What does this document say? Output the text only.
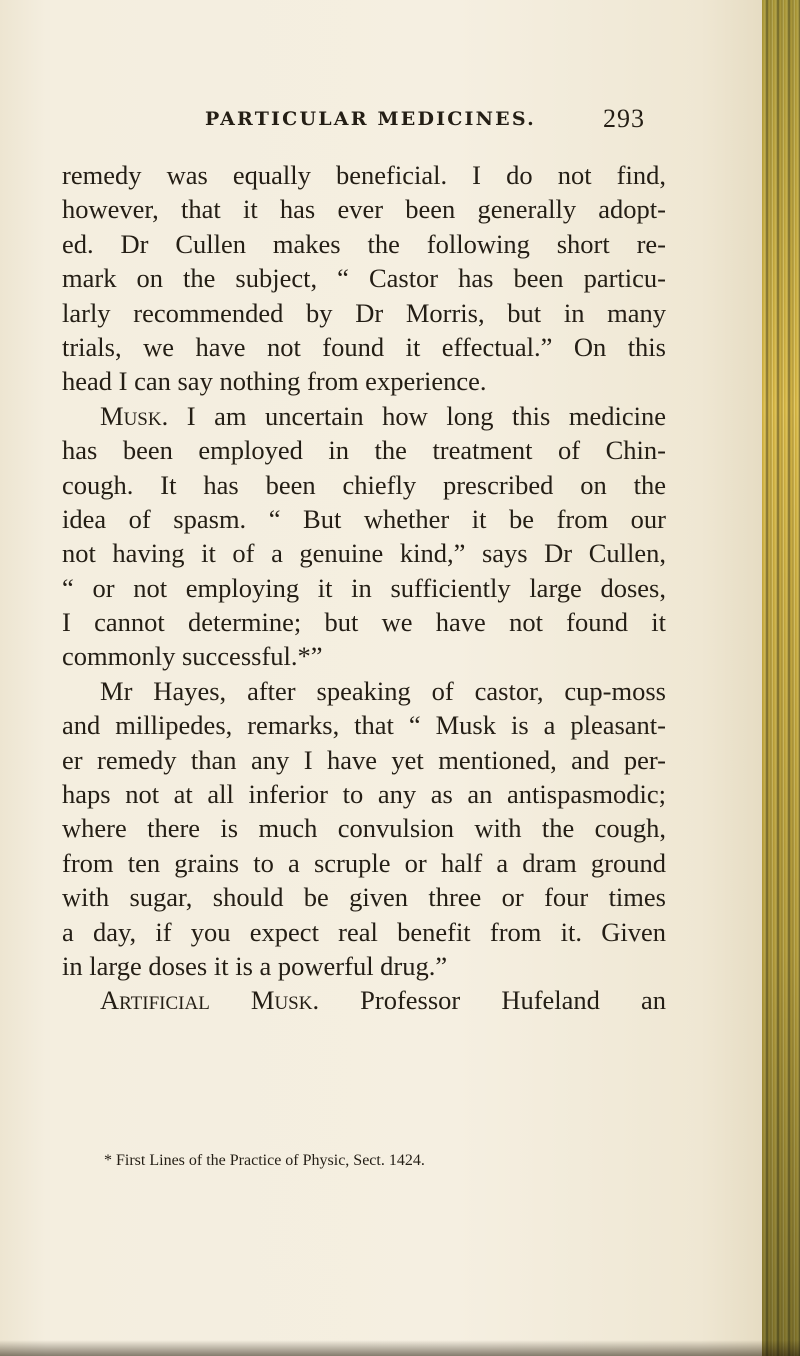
PARTICULAR MEDICINES.	293
remedy was equally beneficial. I do not find,
however, that it has ever been generally adopt-
ed. Dr Cullen makes the following short re-
mark on the subject, “ Castor has been particu-
larly recommended by Dr Morris, but in many
trials, we have not found it effectual.” On this
head I can say nothing from experience.
Musk. I am uncertain how long this medicine
has been employed in the treatment of Chin-
cough. It has been chiefly prescribed on the
idea of spasm. “ But whether it be from our
not having it of a genuine kind,” says Dr Cullen,
“ or not employing it in sufficiently large doses,
I cannot determine; but we have not found it
commonly successful.*”
Mr Hayes, after speaking of castor, cup-moss
and millipedes, remarks, that “ Musk is a pleasant-
er remedy than any I have yet mentioned, and per-
haps not at all inferior to any as an antispasmodic;
where there is much convulsion with the cough,
from ten grains to a scruple or half a dram ground
with sugar, should be given three or four times
a day, if you expect real benefit from it. Given
in large doses it is a powerful drug.”
Artificial Musk. Professor Hufeland an
* First Lines of the Practice of Physic, Sect. 1424.
